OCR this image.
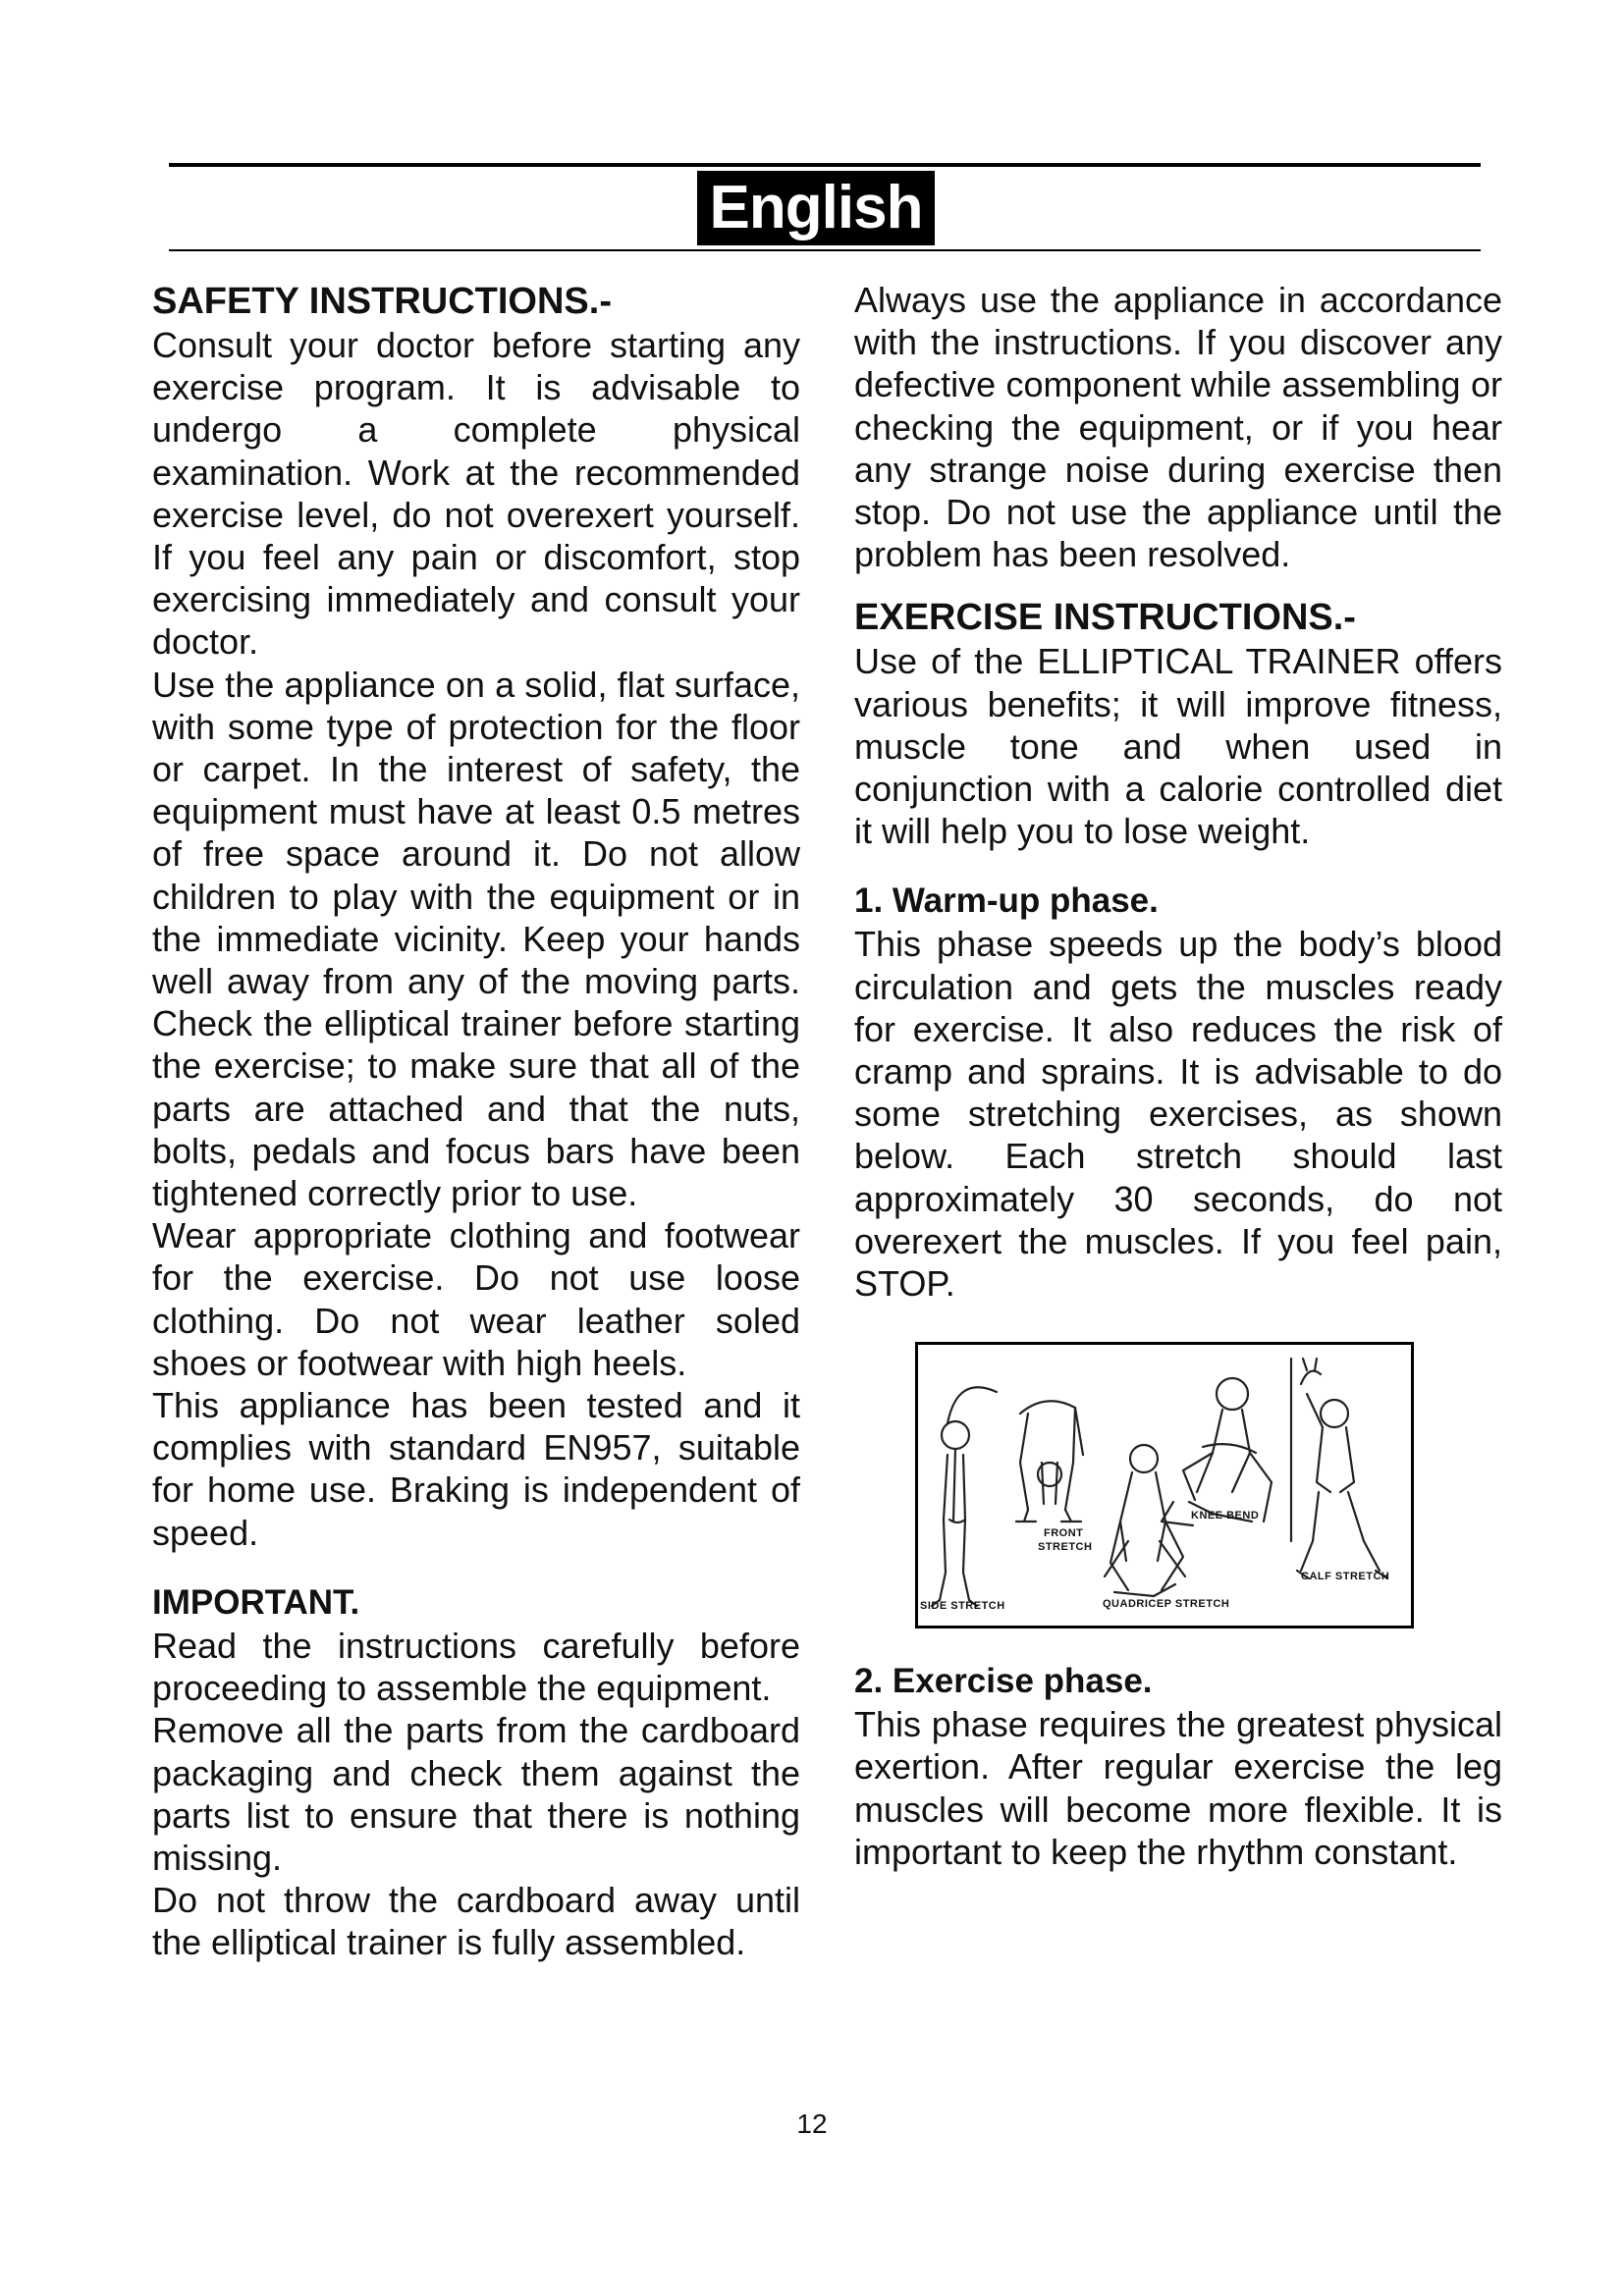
English
SAFETY INSTRUCTIONS.-

Consult your doctor before starting any exercise program. It is advisable to undergo a complete physical examination. Work at the recommended exercise level, do not overexert yourself. If you feel any pain or discomfort, stop exercising immediately and consult your doctor.

Use the appliance on a solid, flat surface, with some type of protection for the floor or carpet. In the interest of safety, the equipment must have at least 0.5 metres of free space around it. Do not allow children to play with the equipment or in the immediate vicinity. Keep your hands well away from any of the moving parts. Check the elliptical trainer before starting the exercise; to make sure that all of the parts are attached and that the nuts, bolts, pedals and focus bars have been tightened correctly prior to use.

Wear appropriate clothing and footwear for the exercise. Do not use loose clothing. Do not wear leather soled shoes or footwear with high heels.

This appliance has been tested and it complies with standard EN957, suitable for home use. Braking is independent of speed.

IMPORTANT.

Read the instructions carefully before proceeding to assemble the equipment.

Remove all the parts from the cardboard packaging and check them against the parts list to ensure that there is nothing missing.

Do not throw the cardboard away until the elliptical trainer is fully assembled.

Always use the appliance in accordance with the instructions. If you discover any defective component while assembling or checking the equipment, or if you hear any strange noise during exercise then stop. Do not use the appliance until the problem has been resolved.

EXERCISE INSTRUCTIONS.-

Use of the ELLIPTICAL TRAINER offers various benefits; it will improve fitness, muscle tone and when used in conjunction with a calorie controlled diet it will help you to lose weight.

1. Warm-up phase.

This phase speeds up the body’s blood circulation and gets the muscles ready for exercise. It also reduces the risk of cramp and sprains. It is advisable to do some stretching exercises, as shown below. Each stretch should last approximately 30 seconds, do not overexert the muscles. If you feel pain, STOP.

SIDE STRETCH
FRONT
STRETCH
KNEE BEND
QUADRICEP STRETCH
CALF STRETCH
2. Exercise phase.

This phase requires the greatest physical exertion. After regular exercise the leg muscles will become more flexible. It is important to keep the rhythm constant.

12
